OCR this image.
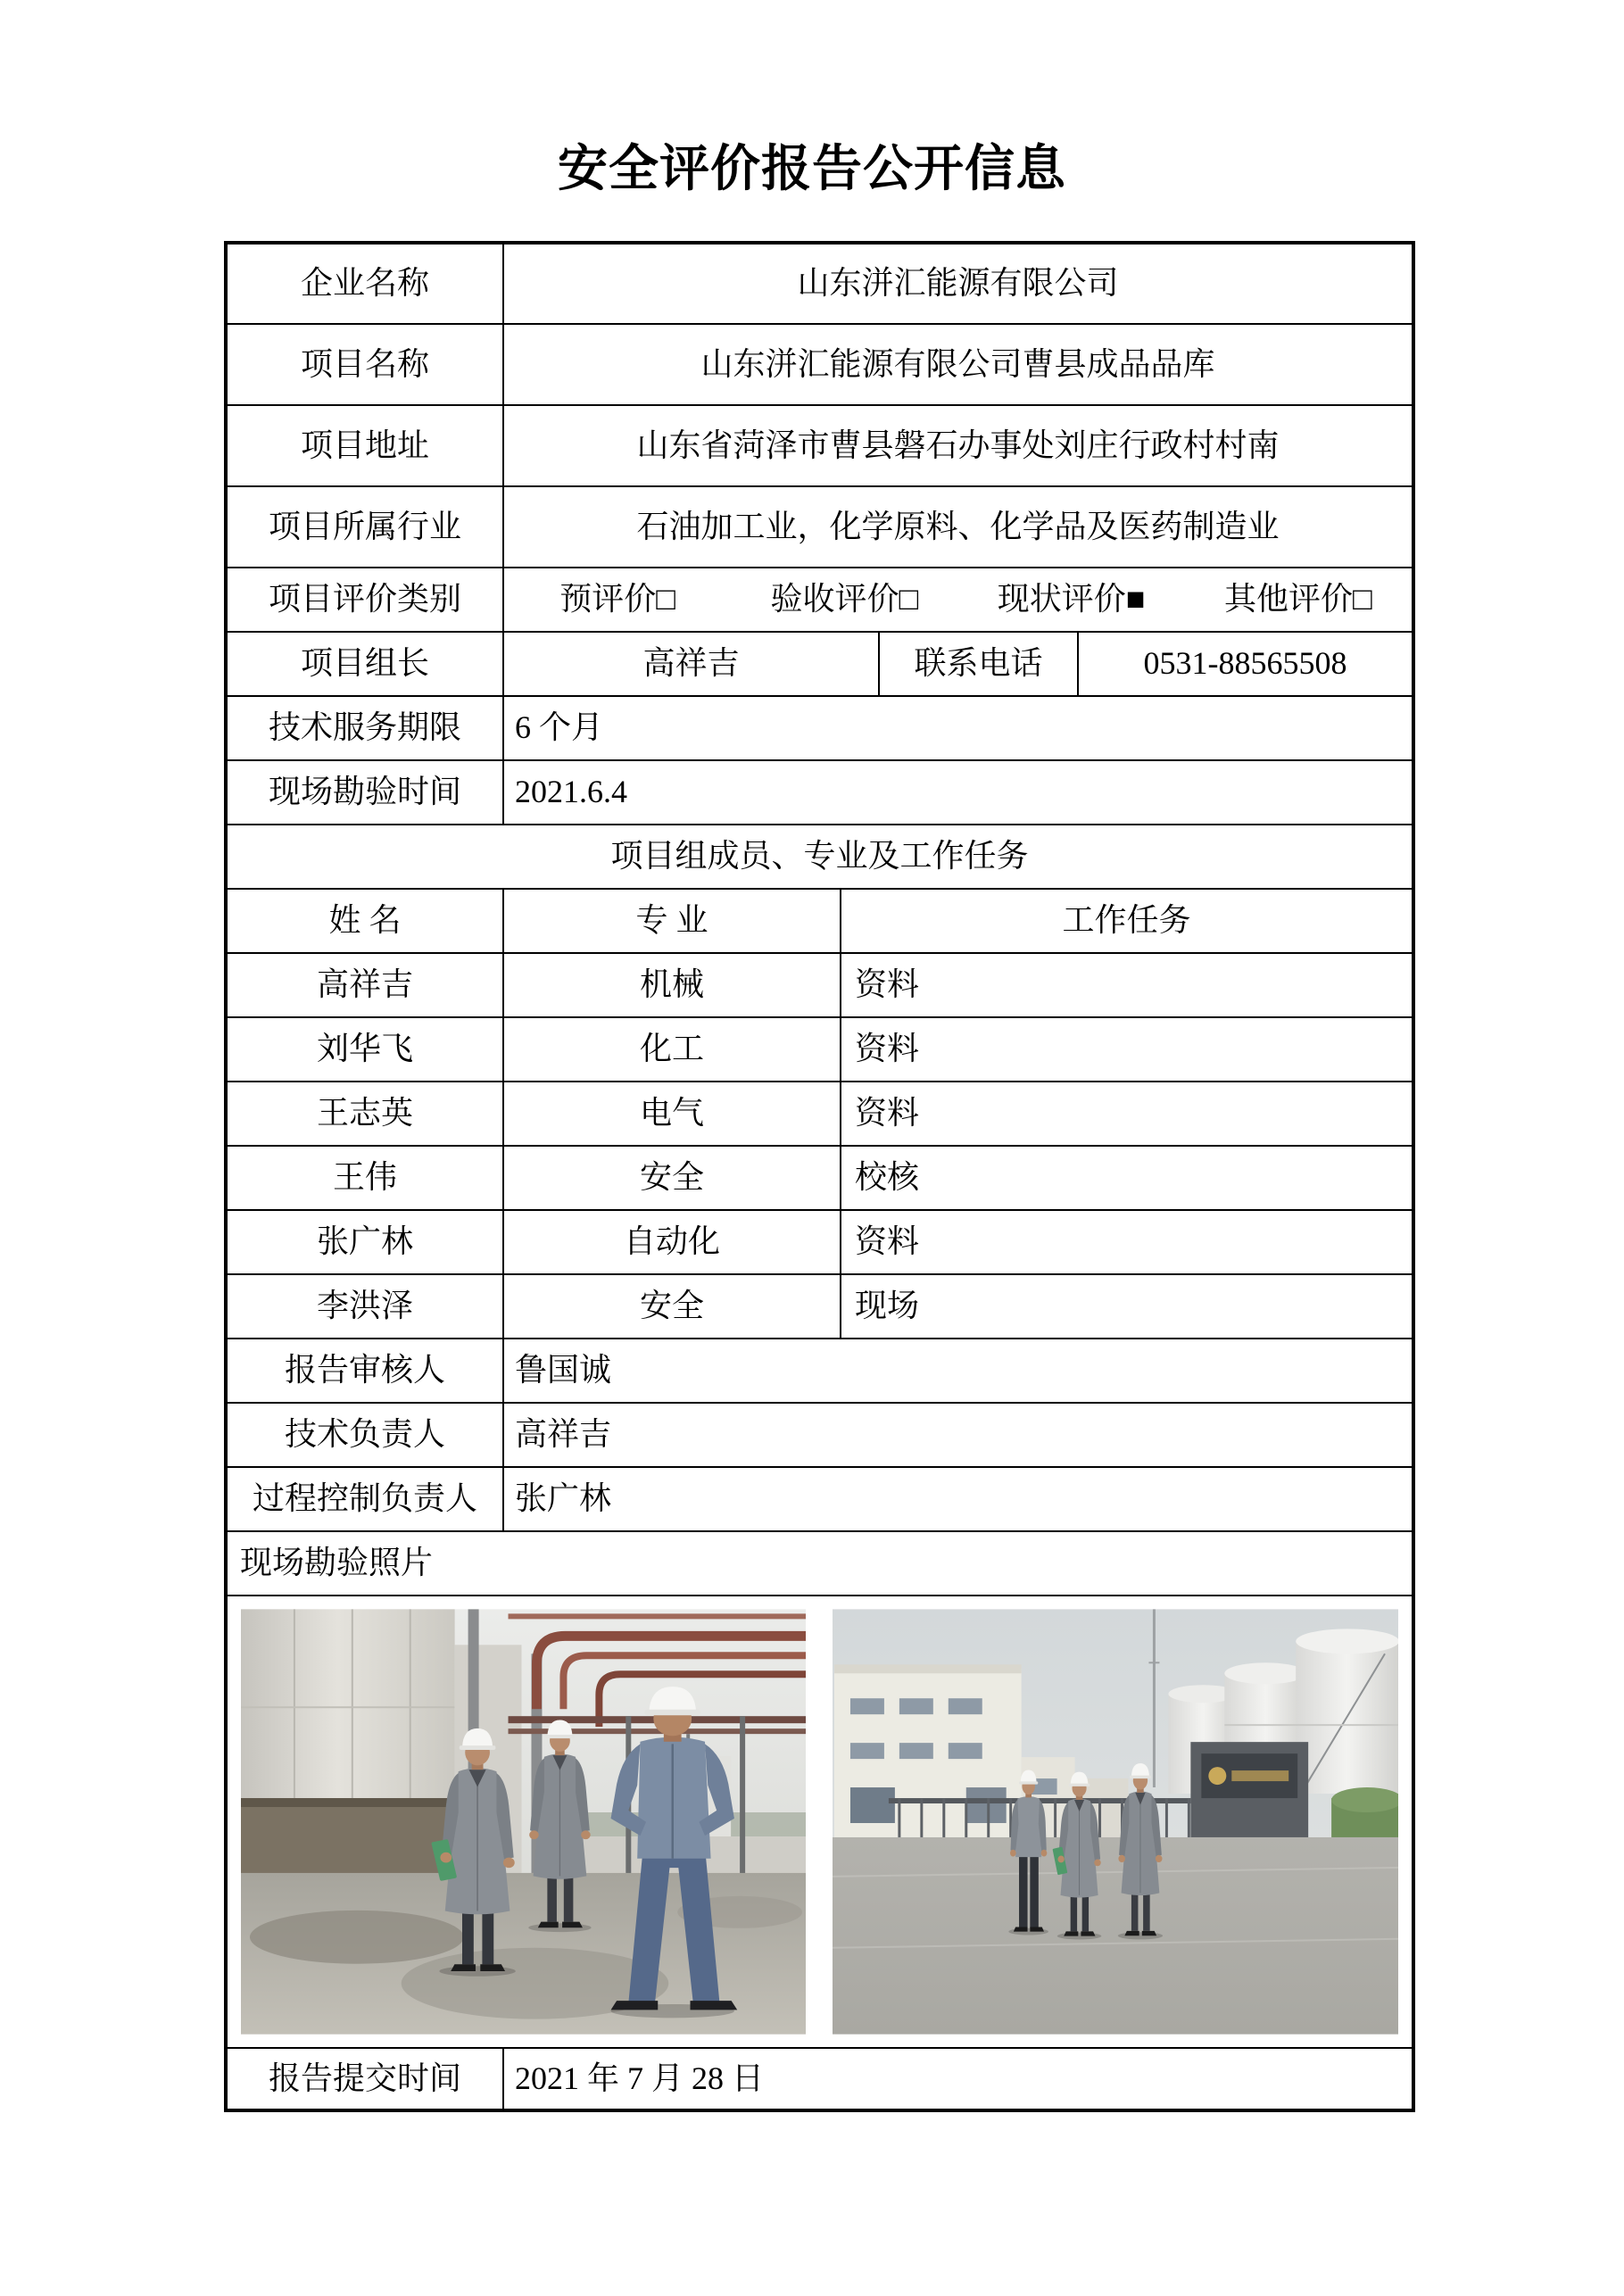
安全评价报告公开信息
企业名称	山东洴汇能源有限公司			
项目名称	山东洴汇能源有限公司曹县成品品库			
项目地址	山东省菏泽市曹县磐石办事处刘庄行政村村南			
项目所属行业	石油加工业，化学原料、化学品及医药制造业			
项目评价类别	预评价□ 验收评价□ 现状评价■ 其他评价□			

项目组长	高祥吉		联系电话	0531-88565508
技术服务期限	6 个月			
现场勘验时间	2021.6.4			
项目组成员、专业及工作任务				
姓 名	专 业	工作任务		
高祥吉	机械	资料		
刘华飞	化工	资料		
王志英	电气	资料		
王伟	安全	校核		
张广林	自动化	资料		
李洪泽	安全	现场		
报告审核人	鲁国诚			
技术负责人	高祥吉			
过程控制负责人	张广林			
现场勘验照片				

报告提交时间	2021 年 7 月 28 日			
